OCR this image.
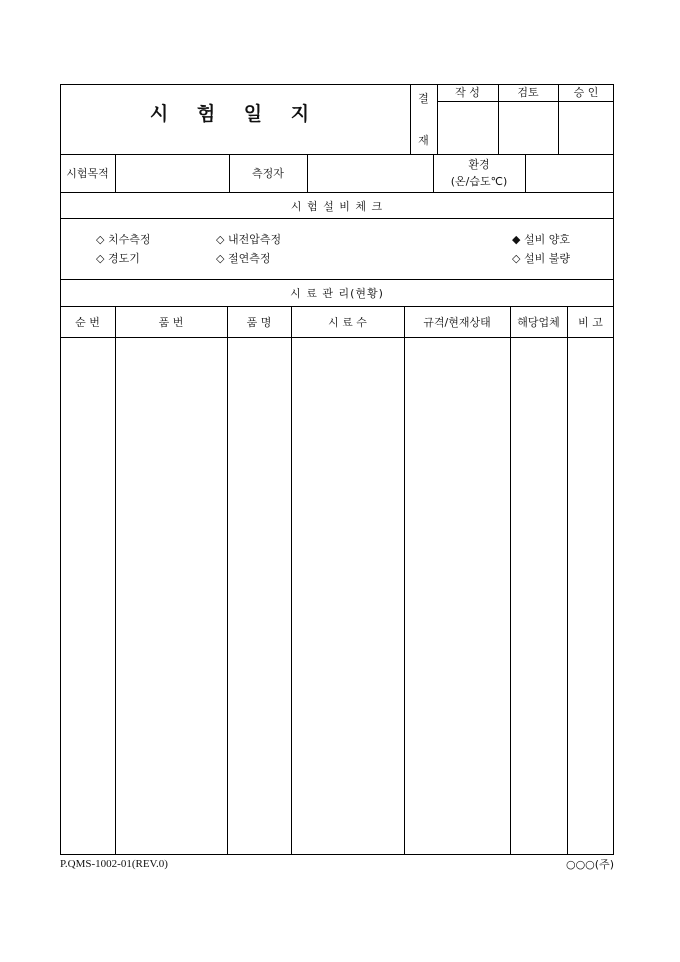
시 험 일 지
결
재
작 성	검토	승 인
시험목적	측정자
환경
(온/습도℃)
시 험 설 비 체 크
◇ 치수측정
◇ 경도기
◇ 내전압측정
◇ 절연측정
◆ 설비 양호
◇ 설비 불량
시 료 관 리(현황)
순 번	품 번	품 명	시 료 수	규격/현재상태	해당업체	비 고
P.QMS-1002-01(REV.0)	○○○(주)
